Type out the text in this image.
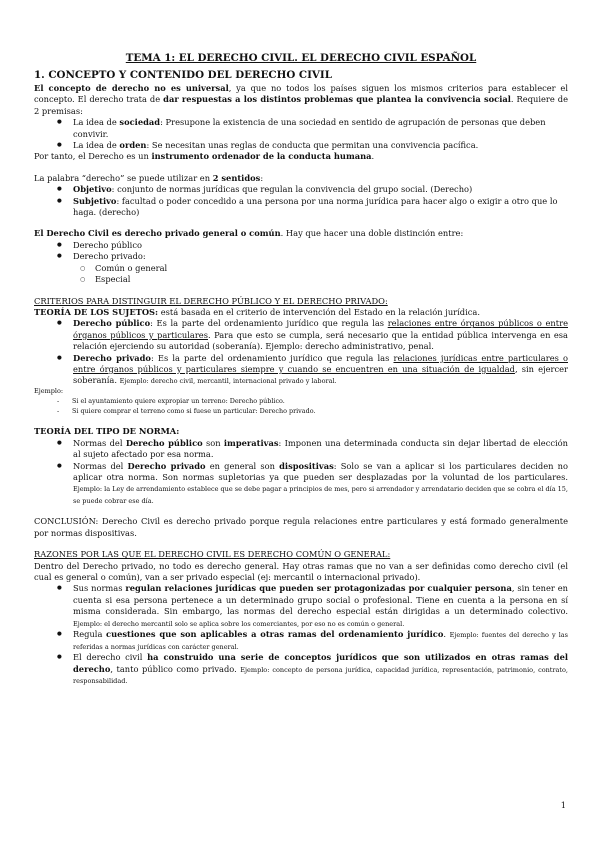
TEMA 1: EL DERECHO CIVIL. EL DERECHO CIVIL ESPAÑOL
1. CONCEPTO Y CONTENIDO DEL DERECHO CIVIL

El concepto de derecho no es universal, ya que no todos los países siguen los mismos criterios para establecer el concepto. El derecho trata de dar respuestas a los distintos problemas que plantea la convivencia social. Requiere de 2 premisas:

● La idea de sociedad: Presupone la existencia de una sociedad en sentido de agrupación de personas que deben convivir.
● La idea de orden: Se necesitan unas reglas de conducta que permitan una convivencia pacífica.

Por tanto, el Derecho es un instrumento ordenador de la conducta humana.

La palabra “derecho” se puede utilizar en 2 sentidos:

● Objetivo: conjunto de normas jurídicas que regulan la convivencia del grupo social. (Derecho)
● Subjetivo: facultad o poder concedido a una persona por una norma jurídica para hacer algo o exigir a otro que lo haga. (derecho)

El Derecho Civil es derecho privado general o común. Hay que hacer una doble distinción entre:

● Derecho público
● Derecho privado:
○ Común o general
○ Especial

CRITERIOS PARA DISTINGUIR EL DERECHO PÚBLICO Y EL DERECHO PRIVADO:

TEORÍA DE LOS SUJETOS: está basada en el criterio de intervención del Estado en la relación jurídica.

● Derecho público: Es la parte del ordenamiento jurídico que regula las relaciones entre órganos públicos o entre órganos públicos y particulares. Para que esto se cumpla, será necesario que la entidad pública intervenga en esa relación ejerciendo su autoridad (soberanía). Ejemplo: derecho administrativo, penal.
● Derecho privado: Es la parte del ordenamiento jurídico que regula las relaciones jurídicas entre particulares o entre órganos públicos y particulares siempre y cuando se encuentren en una situación de igualdad, sin ejercer soberanía. Ejemplo: derecho civil, mercantil, internacional privado y laboral.

Ejemplo:

- Si el ayuntamiento quiere expropiar un terreno: Derecho público.
- Si quiere comprar el terreno como si fuese un particular: Derecho privado.

TEORÍA DEL TIPO DE NORMA:

● Normas del Derecho público son imperativas: Imponen una determinada conducta sin dejar libertad de elección al sujeto afectado por esa norma.
● Normas del Derecho privado en general son dispositivas: Solo se van a aplicar si los particulares deciden no aplicar otra norma. Son normas supletorias ya que pueden ser desplazadas por la voluntad de los particulares. Ejemplo: la Ley de arrendamiento establece que se debe pagar a principios de mes, pero si arrendador y arrendatario deciden que se cobra el día 15, se puede cobrar ese día.

CONCLUSIÓN: Derecho Civil es derecho privado porque regula relaciones entre particulares y está formado generalmente por normas dispositivas.

RAZONES POR LAS QUE EL DERECHO CIVIL ES DERECHO COMÚN O GENERAL:

Dentro del Derecho privado, no todo es derecho general. Hay otras ramas que no van a ser definidas como derecho civil (el cual es general o común), van a ser privado especial (ej: mercantil o internacional privado).

● Sus normas regulan relaciones jurídicas que pueden ser protagonizadas por cualquier persona, sin tener en cuenta si esa persona pertenece a un determinado grupo social o profesional. Tiene en cuenta a la persona en sí misma considerada. Sin embargo, las normas del derecho especial están dirigidas a un determinado colectivo. Ejemplo: el derecho mercantil solo se aplica sobre los comerciantes, por eso no es común o general.
● Regula cuestiones que son aplicables a otras ramas del ordenamiento jurídico. Ejemplo: fuentes del derecho y las referidas a normas jurídicas con carácter general.
● El derecho civil ha construido una serie de conceptos jurídicos que son utilizados en otras ramas del derecho, tanto público como privado. Ejemplo: concepto de persona jurídica, capacidad jurídica, representación, patrimonio, contrato, responsabilidad.
1
